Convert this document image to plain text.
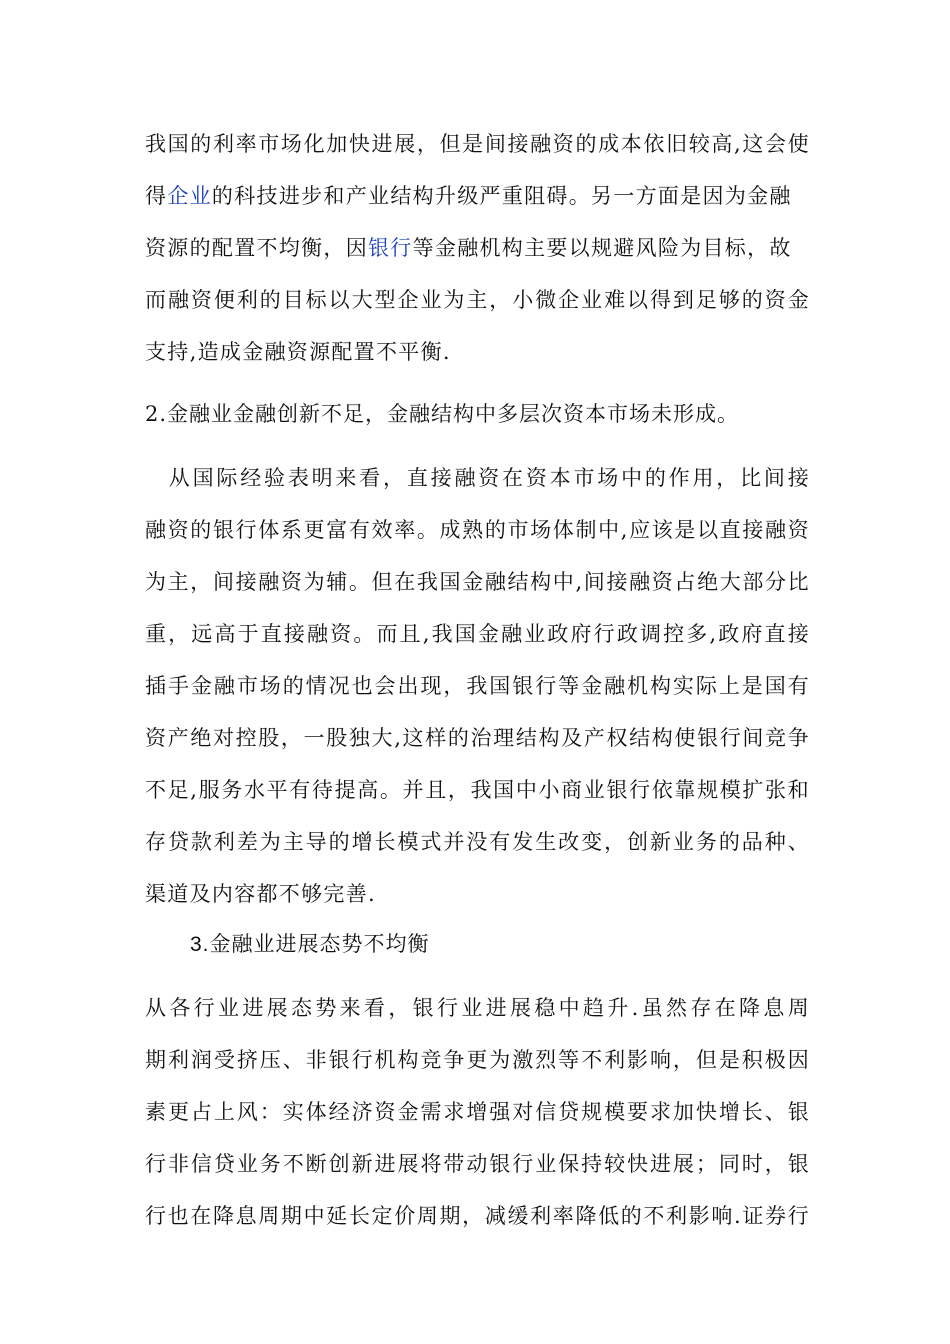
我国的利率市场化加快进展，但是间接融资的成本依旧较高,这会使
得企业的科技进步和产业结构升级严重阻碍。另一方面是因为金融
资源的配置不均衡，因银行等金融机构主要以规避风险为目标，故
而融资便利的目标以大型企业为主，小微企业难以得到足够的资金
支持,造成金融资源配置不平衡.
2.金融业金融创新不足，金融结构中多层次资本市场未形成。
　从国际经验表明来看，直接融资在资本市场中的作用，比间接
融资的银行体系更富有效率。成熟的市场体制中,应该是以直接融资
为主，间接融资为辅。但在我国金融结构中,间接融资占绝大部分比
重，远高于直接融资。而且,我国金融业政府行政调控多,政府直接
插手金融市场的情况也会出现，我国银行等金融机构实际上是国有
资产绝对控股，一股独大,这样的治理结构及产权结构使银行间竞争
不足,服务水平有待提高。并且，我国中小商业银行依靠规模扩张和
存贷款利差为主导的增长模式并没有发生改变，创新业务的品种、
渠道及内容都不够完善.
3.金融业进展态势不均衡
从各行业进展态势来看，银行业进展稳中趋升.虽然存在降息周
期利润受挤压、非银行机构竞争更为激烈等不利影响，但是积极因
素更占上风：实体经济资金需求增强对信贷规模要求加快增长、银
行非信贷业务不断创新进展将带动银行业保持较快进展；同时，银
行也在降息周期中延长定价周期，减缓利率降低的不利影响.证券行
